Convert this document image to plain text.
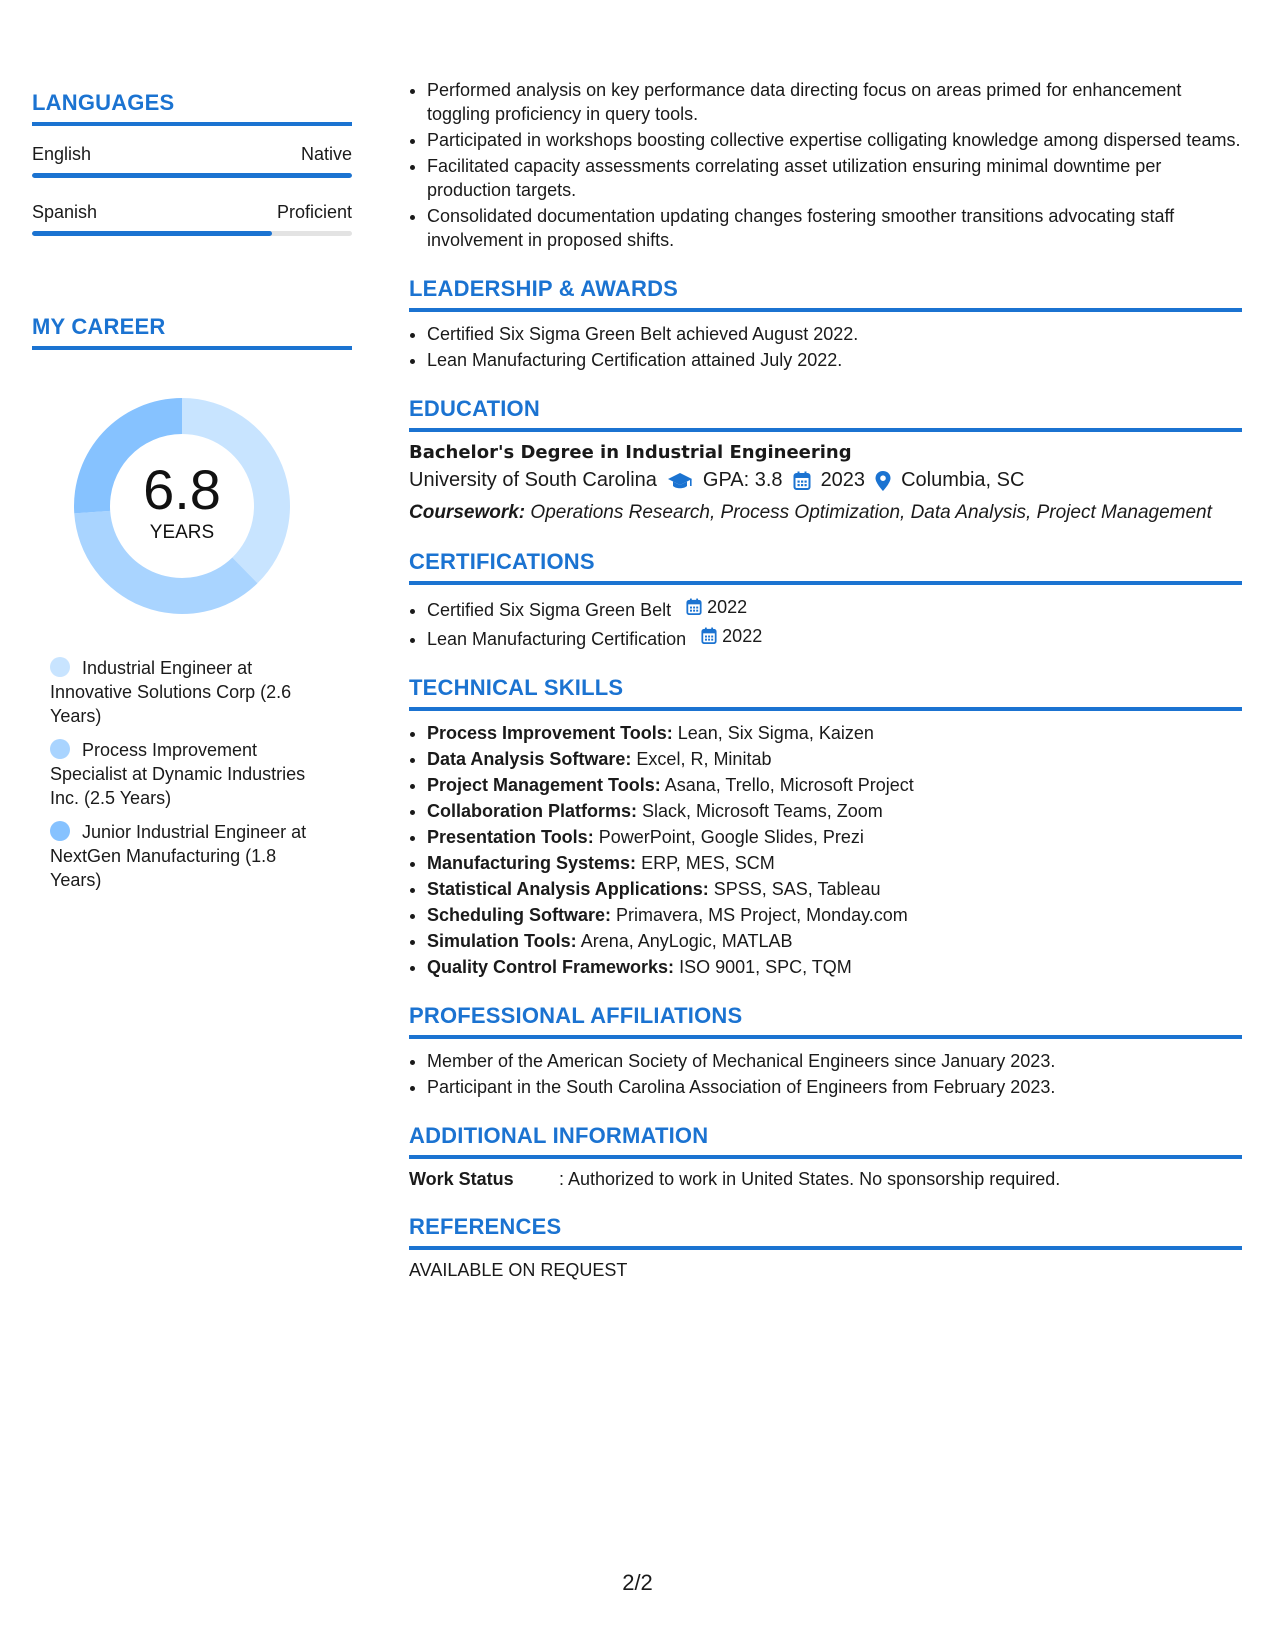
LANGUAGES
English	Native
Spanish	Proficient
MY CAREER
6.8
YEARS
Industrial Engineer at Innovative Solutions Corp (2.6 Years)
Process Improvement Specialist at Dynamic Industries Inc. (2.5 Years)
Junior Industrial Engineer at NextGen Manufacturing (1.8 Years)
• Performed analysis on key performance data directing focus on areas primed for enhancement toggling proficiency in query tools.
• Participated in workshops boosting collective expertise colligating knowledge among dispersed teams.
• Facilitated capacity assessments correlating asset utilization ensuring minimal downtime per production targets.
• Consolidated documentation updating changes fostering smoother transitions advocating staff involvement in proposed shifts.
LEADERSHIP & AWARDS
• Certified Six Sigma Green Belt achieved August 2022.
• Lean Manufacturing Certification attained July 2022.
EDUCATION
Bachelor's Degree in Industrial Engineering
University of South Carolina GPA: 3.8 2023 Columbia, SC
Coursework: Operations Research, Process Optimization, Data Analysis, Project Management
CERTIFICATIONS
• Certified Six Sigma Green Belt 2022
• Lean Manufacturing Certification 2022
TECHNICAL SKILLS
• Process Improvement Tools: Lean, Six Sigma, Kaizen
• Data Analysis Software: Excel, R, Minitab
• Project Management Tools: Asana, Trello, Microsoft Project
• Collaboration Platforms: Slack, Microsoft Teams, Zoom
• Presentation Tools: PowerPoint, Google Slides, Prezi
• Manufacturing Systems: ERP, MES, SCM
• Statistical Analysis Applications: SPSS, SAS, Tableau
• Scheduling Software: Primavera, MS Project, Monday.com
• Simulation Tools: Arena, AnyLogic, MATLAB
• Quality Control Frameworks: ISO 9001, SPC, TQM
PROFESSIONAL AFFILIATIONS
• Member of the American Society of Mechanical Engineers since January 2023.
• Participant in the South Carolina Association of Engineers from February 2023.
ADDITIONAL INFORMATION
Work Status	: Authorized to work in United States. No sponsorship required.
REFERENCES
AVAILABLE ON REQUEST
2/2
